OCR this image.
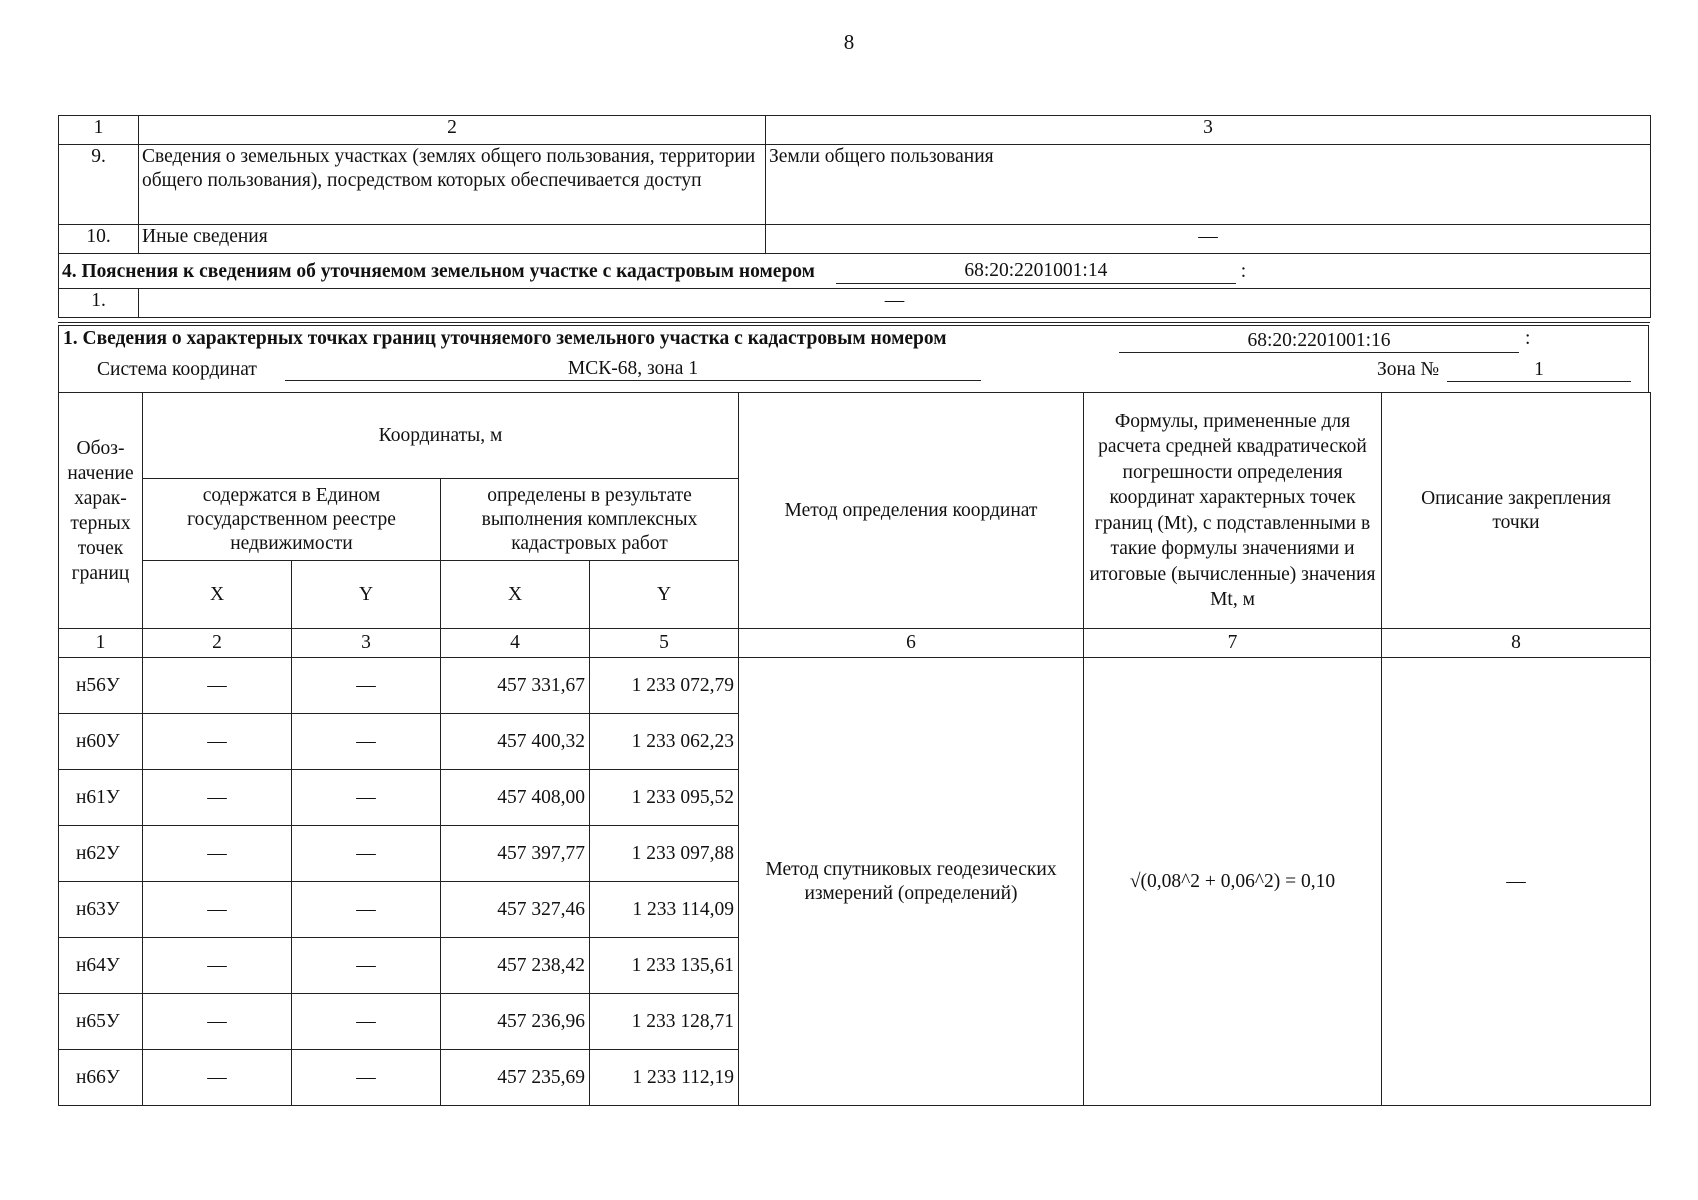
8
1	2	3
9.	Сведения о земельных участках (землях общего пользования, территории общего пользования), посредством которых обеспечивается доступ	Земли общего пользования
10.	Иные сведения	—
4. Пояснения к сведениям об уточняемом земельном участке с кадастровым номером 68:20:2201001:14 :		
1.	—	
1. Сведения о характерных точках границ уточняемого земельного участка с кадастровым номером	68:20:2201001:16	:
Система координат	МСК-68, зона 1	Зона №	1
Обоз- начение харак- терных точек границ	Координаты, м				Метод определения координат	Формулы, примененные для расчета средней квадратической погрешности определения координат характерных точек границ (Mt), с подставленными в такие формулы значениями и итоговые (вычисленные) значения Mt, м	Описание закрепления точки
	содержатся в Едином государственном реестре недвижимости		определены в результате выполнения комплексных кадастровых работ				
	X	Y	X	Y			
1	2	3	4	5	6	7	8
н56У	—	—	457 331,67	1 233 072,79	Метод спутниковых геодезических измерений (определений)	√(0,08^2 + 0,06^2) = 0,10	—
н60У	—	—	457 400,32	1 233 062,23			
н61У	—	—	457 408,00	1 233 095,52			
н62У	—	—	457 397,77	1 233 097,88			
н63У	—	—	457 327,46	1 233 114,09			
н64У	—	—	457 238,42	1 233 135,61			
н65У	—	—	457 236,96	1 233 128,71			
н66У	—	—	457 235,69	1 233 112,19			
